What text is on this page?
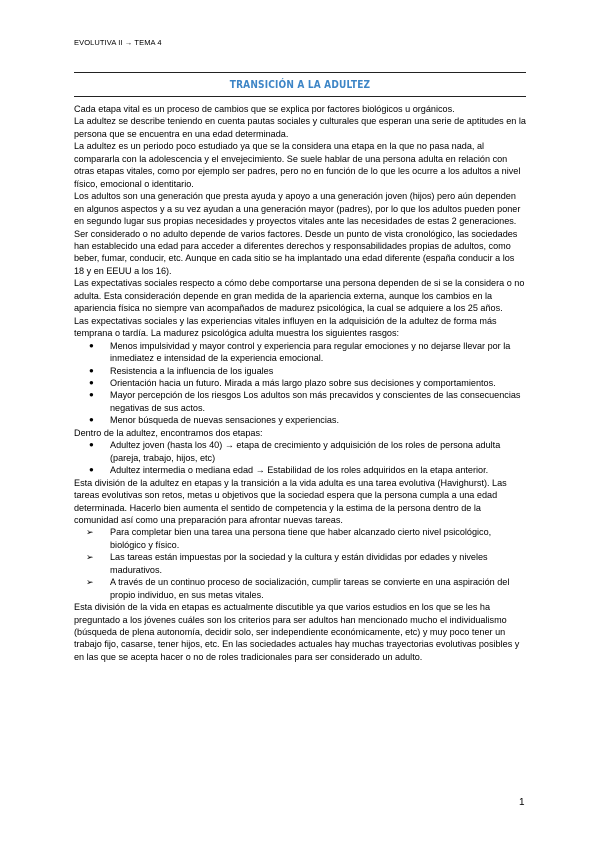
EVOLUTIVA II → TEMA 4
TRANSICIÓN A LA ADULTEZ

Cada etapa vital es un proceso de cambios que se explica por factores biológicos u orgánicos.

La adultez se describe teniendo en cuenta pautas sociales y culturales que esperan una serie de aptitudes en la persona que se encuentra en una edad determinada.

La adultez es un periodo poco estudiado ya que se la considera una etapa en la que no pasa nada, al compararla con la adolescencia y el envejecimiento. Se suele hablar de una persona adulta en relación con otras etapas vitales, como por ejemplo ser padres, pero no en función de lo que les ocurre a los adultos a nivel físico, emocional o identitario.

Los adultos son una generación que presta ayuda y apoyo a una generación joven (hijos) pero aún dependen en algunos aspectos y a su vez ayudan a una generación mayor (padres), por lo que los adultos pueden poner en segundo lugar sus propias necesidades y proyectos vitales ante las necesidades de estas 2 generaciones.

Ser considerado o no adulto depende de varios factores. Desde un punto de vista cronológico, las sociedades han establecido una edad para acceder a diferentes derechos y responsabilidades propias de adultos, como beber, fumar, conducir, etc. Aunque en cada sitio se ha implantado una edad diferente (españa conducir a los 18 y en EEUU a los 16).

Las expectativas sociales respecto a cómo debe comportarse una persona dependen de si se la considera o no adulta. Esta consideración depende en gran medida de la apariencia externa, aunque los cambios en la apariencia física no siempre van acompañados de madurez psicológica, la cual se adquiere a los 25 años.

Las expectativas sociales y las experiencias vitales influyen en la adquisición de la adultez de forma más temprana o tardía. La madurez psicológica adulta muestra los siguientes rasgos:

● Menos impulsividad y mayor control y experiencia para regular emociones y no dejarse llevar por la inmediatez e intensidad de la experiencia emocional.
● Resistencia a la influencia de los iguales
● Orientación hacia un futuro. Mirada a más largo plazo sobre sus decisiones y comportamientos.
● Mayor percepción de los riesgos Los adultos son más precavidos y conscientes de las consecuencias negativas de sus actos.
● Menor búsqueda de nuevas sensaciones y experiencias.

Dentro de la adultez, encontramos dos etapas:

● Adultez joven (hasta los 40) → etapa de crecimiento y adquisición de los roles de persona adulta (pareja, trabajo, hijos, etc)
● Adultez intermedia o mediana edad → Estabilidad de los roles adquiridos en la etapa anterior.

Esta división de la adultez en etapas y la transición a la vida adulta es una tarea evolutiva (Havighurst). Las tareas evolutivas son retos, metas u objetivos que la sociedad espera que la persona cumpla a una edad determinada. Hacerlo bien aumenta el sentido de competencia y la estima de la persona dentro de la comunidad así como una preparación para afrontar nuevas tareas.

➢ Para completar bien una tarea una persona tiene que haber alcanzado cierto nivel psicológico, biológico y físico.
➢ Las tareas están impuestas por la sociedad y la cultura y están divididas por edades y niveles madurativos.
➢ A través de un continuo proceso de socialización, cumplir tareas se convierte en una aspiración del propio individuo, en sus metas vitales.

Esta división de la vida en etapas es actualmente discutible ya que varios estudios en los que se les ha preguntado a los jóvenes cuáles son los criterios para ser adultos han mencionado mucho el individualismo (búsqueda de plena autonomía, decidir solo, ser independiente económicamente, etc) y muy poco tener un trabajo fijo, casarse, tener hijos, etc. En las sociedades actuales hay muchas trayectorias evolutivas posibles y en las que se acepta hacer o no de roles tradicionales para ser considerado un adulto.

1
